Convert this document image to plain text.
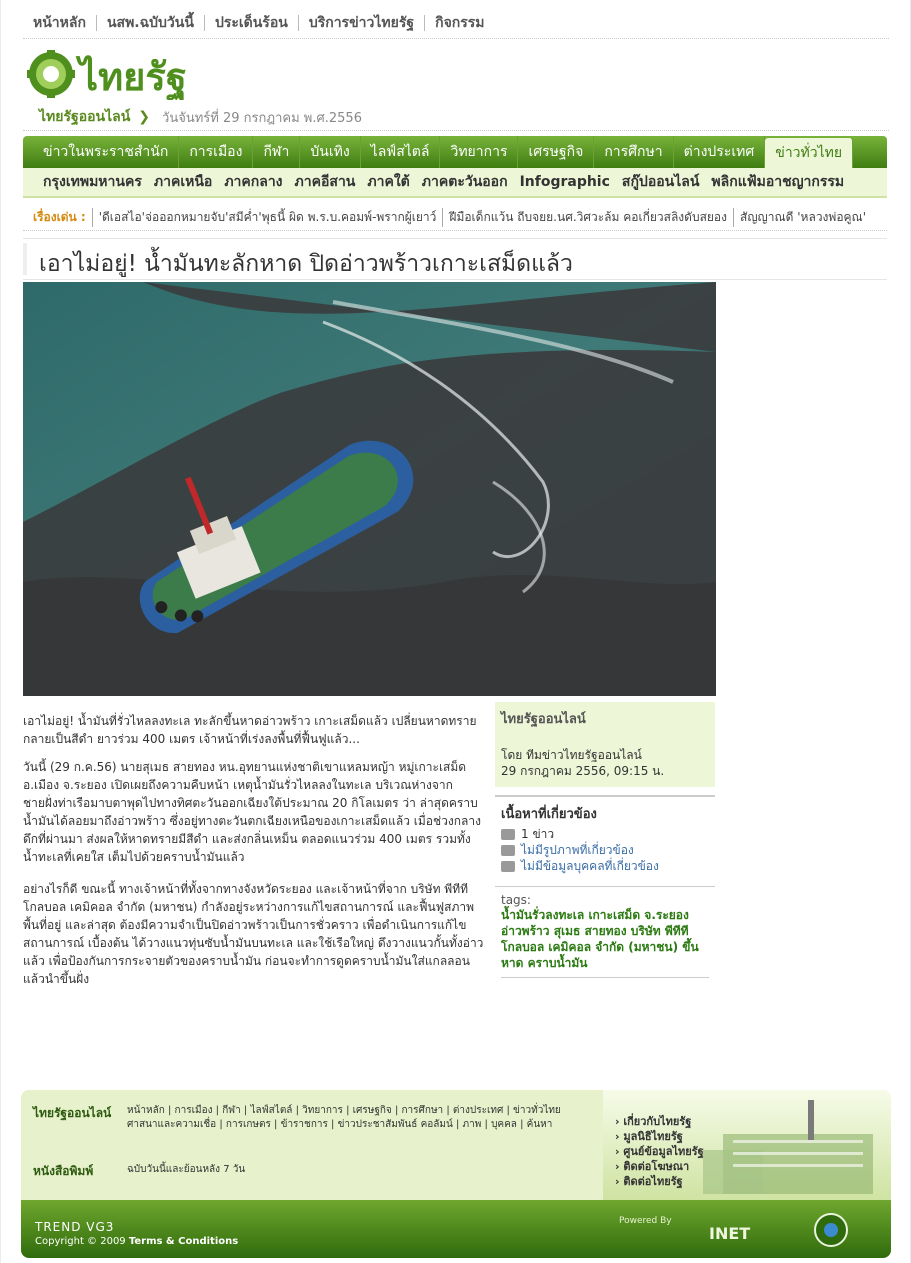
หน้าหลัก	นสพ.ฉบับวันนี้	ประเด็นร้อน	บริการข่าวไทยรัฐ	กิจกรรม
ไทยรัฐ
ไทยรัฐออนไลน์ ❯ วันจันทร์ที่ 29 กรกฎาคม พ.ศ.2556
ข่าวในพระราชสำนัก	การเมือง	กีฬา	บันเทิง	ไลฟ์สไตล์	วิทยาการ	เศรษฐกิจ	การศึกษา	ต่างประเทศ	ข่าวทั่วไทย
กรุงเทพมหานคร ภาคเหนือ ภาคกลาง ภาคอีสาน ภาคใต้ ภาคตะวันออก Infographic สกู๊ปออนไลน์ พลิกแฟ้มอาชญากรรม
เรื่องเด่น :	'ดีเอสไอ'จ่อออกหมายจับ'สมีค่ำ'พุธนี้ ผิด พ.ร.บ.คอมพ์-พรากผู้เยาว์	ฝีมือเด็กแว้น ถีบจยย.นศ.วิศวะล้ม คอเกี่ยวสลิงดับสยอง	สัญญาณดี 'หลวงพ่อคูณ'
เอาไม่อยู่! น้ำมันทะลักหาด ปิดอ่าวพร้าวเกาะเสม็ดแล้ว

เอาไม่อยู่! น้ำมันที่รั่วไหลลงทะเล ทะลักขึ้นหาดอ่าวพร้าว เกาะเสม็ดแล้ว เปลี่ยนหาดทรายกลายเป็นสีดำ ยาวร่วม 400 เมตร เจ้าหน้าที่เร่งลงพื้นที่ฟื้นฟูแล้ว...

วันนี้ (29 ก.ค.56) นายสุเมธ สายทอง หน.อุทยานแห่งชาติเขาแหลมหญ้า หมู่เกาะเสม็ด อ.เมือง จ.ระยอง เปิดเผยถึงความคืบหน้า เหตุน้ำมันรั่วไหลลงในทะเล บริเวณห่างจากชายฝั่งท่าเรือมาบตาพุดไปทางทิศตะวันออกเฉียงใต้ประมาณ 20 กิโลเมตร ว่า ล่าสุดคราบน้ำมันได้ลอยมาถึงอ่าวพร้าว ซึ่งอยู่ทางตะวันตกเฉียงเหนือของเกาะเสม็ดแล้ว เมื่อช่วงกลางดึกที่ผ่านมา ส่งผลให้หาดทรายมีสีดำ และส่งกลิ่นเหม็น ตลอดแนวร่วม 400 เมตร รวมทั้งน้ำทะเลที่เคยใส เต็มไปด้วยคราบน้ำมันแล้ว

อย่างไรก็ดี ขณะนี้ ทางเจ้าหน้าที่ทั้งจากทางจังหวัดระยอง และเจ้าหน้าที่จาก บริษัท พีทีที โกลบอล เคมิคอล จำกัด (มหาชน) กำลังอยู่ระหว่างการแก้ไขสถานการณ์ และฟื้นฟูสภาพพื้นที่อยู่ และล่าสุด ต้องมีความจำเป็นปิดอ่าวพร้าวเป็นการชั่วคราว เพื่อดำเนินการแก้ไขสถานการณ์ เบื้องต้น ได้วางแนวทุ่นซับน้ำมันบนทะเล และใช้เรือใหญ่ ดึงวางแนวกั้นทั้งอ่าวแล้ว เพื่อป้องกันการกระจายตัวของคราบน้ำมัน ก่อนจะทำการดูดคราบน้ำมันใส่แกลลอน แล้วนำขึ้นฝั่ง

ไทยรัฐออนไลน์
โดย ทีมข่าวไทยรัฐออนไลน์
29 กรกฎาคม 2556, 09:15 น.
เนื้อหาที่เกี่ยวข้อง
1 ข่าว
ไม่มีรูปภาพที่เกี่ยวข้อง
ไม่มีข้อมูลบุคคลที่เกี่ยวข้อง
tags:
น้ำมันรั่วลงทะเล เกาะเสม็ด จ.ระยอง อ่าวพร้าว สุเมธ สายทอง บริษัท พีทีที โกลบอล เคมิคอล จำกัด (มหาชน) ขึ้นหาด คราบน้ำมัน
ไทยรัฐออนไลน์ หน้าหลัก | การเมือง | กีฬา | ไลฟ์สไตล์ | วิทยาการ | เศรษฐกิจ | การศึกษา | ต่างประเทศ | ข่าวทั่วไทย ศาสนาและความเชื่อ | การเกษตร | ข้าราชการ | ข่าวประชาสัมพันธ์ คอลัมน์ | ภาพ | บุคคล | ค้นหา
หนังสือพิมพ์	ฉบับวันนี้และย้อนหลัง 7 วัน
› เกี่ยวกับไทยรัฐ
› มูลนิธิไทยรัฐ
› ศูนย์ข้อมูลไทยรัฐ
› ติดต่อโฆษณา
› ติดต่อไทยรัฐ
TREND VG3
Copyright © 2009 Terms & Conditions
Powered By
INET
